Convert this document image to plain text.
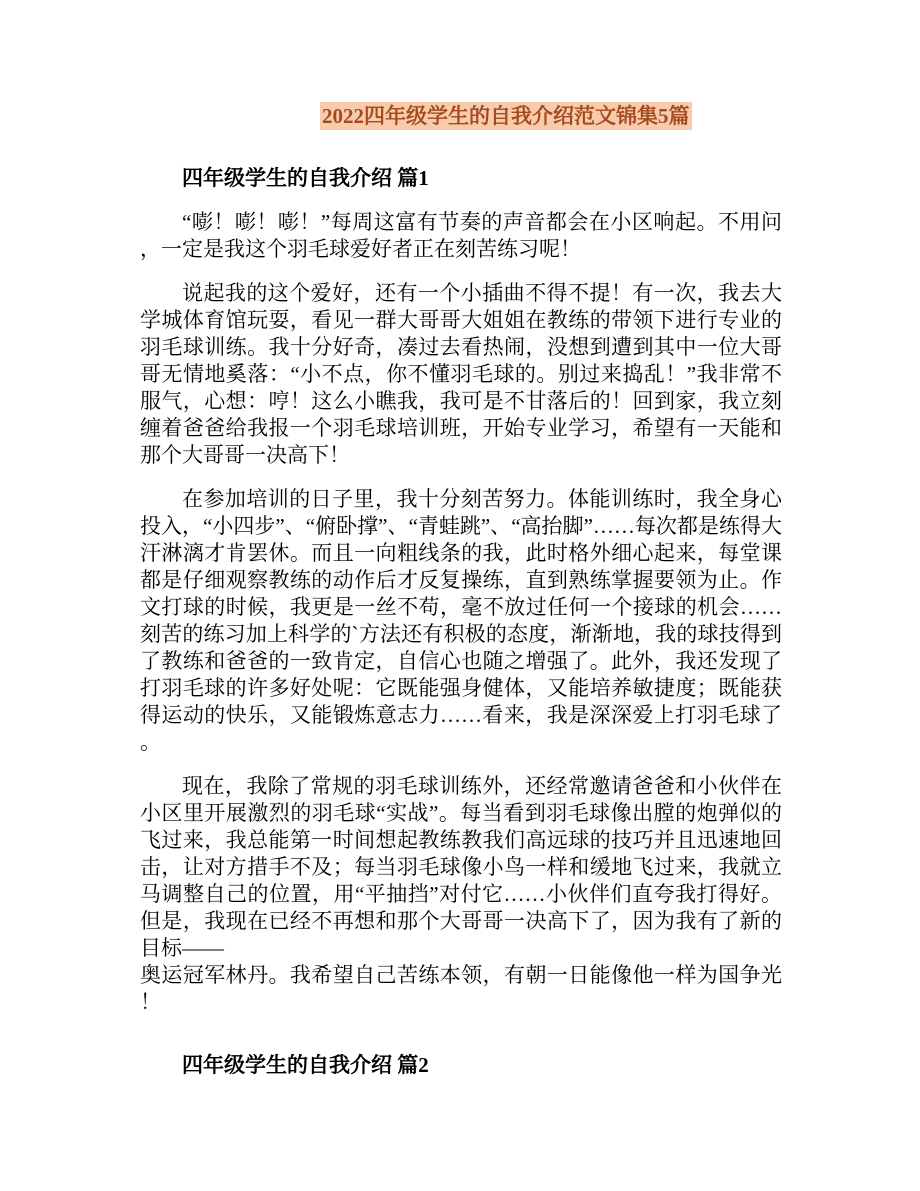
2022四年级学生的自我介绍范文锦集5篇
四年级学生的自我介绍 篇1

“嘭！嘭！嘭！”每周这富有节奏的声音都会在小区响起。不用问，一定是我这个羽毛球爱好者正在刻苦练习呢！

说起我的这个爱好，还有一个小插曲不得不提！有一次，我去大学城体育馆玩耍，看见一群大哥哥大姐姐在教练的带领下进行专业的羽毛球训练。我十分好奇，凑过去看热闹，没想到遭到其中一位大哥哥无情地奚落：“小不点，你不懂羽毛球的。别过来捣乱！”我非常不服气，心想：哼！这么小瞧我，我可是不甘落后的！回到家，我立刻缠着爸爸给我报一个羽毛球培训班，开始专业学习，希望有一天能和那个大哥哥一决高下！

在参加培训的日子里，我十分刻苦努力。体能训练时，我全身心投入，“小四步”、“俯卧撑”、“青蛙跳”、“高抬脚”……每次都是练得大汗淋漓才肯罢休。而且一向粗线条的我，此时格外细心起来，每堂课都是仔细观察教练的动作后才反复操练，直到熟练掌握要领为止。作文打球的时候，我更是一丝不苟，毫不放过任何一个接球的机会……刻苦的练习加上科学的`方法还有积极的态度，渐渐地，我的球技得到了教练和爸爸的一致肯定，自信心也随之增强了。此外，我还发现了打羽毛球的许多好处呢：它既能强身健体，又能培养敏捷度；既能获得运动的快乐，又能锻炼意志力……看来，我是深深爱上打羽毛球了。

现在，我除了常规的羽毛球训练外，还经常邀请爸爸和小伙伴在小区里开展激烈的羽毛球“实战”。每当看到羽毛球像出膛的炮弹似的飞过来，我总能第一时间想起教练教我们高远球的技巧并且迅速地回击，让对方措手不及；每当羽毛球像小鸟一样和缓地飞过来，我就立马调整自己的位置，用“平抽挡”对付它……小伙伴们直夸我打得好。但是，我现在已经不再想和那个大哥哥一决高下了，因为我有了新的目标——

奥运冠军林丹。我希望自己苦练本领，有朝一日能像他一样为国争光！

四年级学生的自我介绍 篇2
